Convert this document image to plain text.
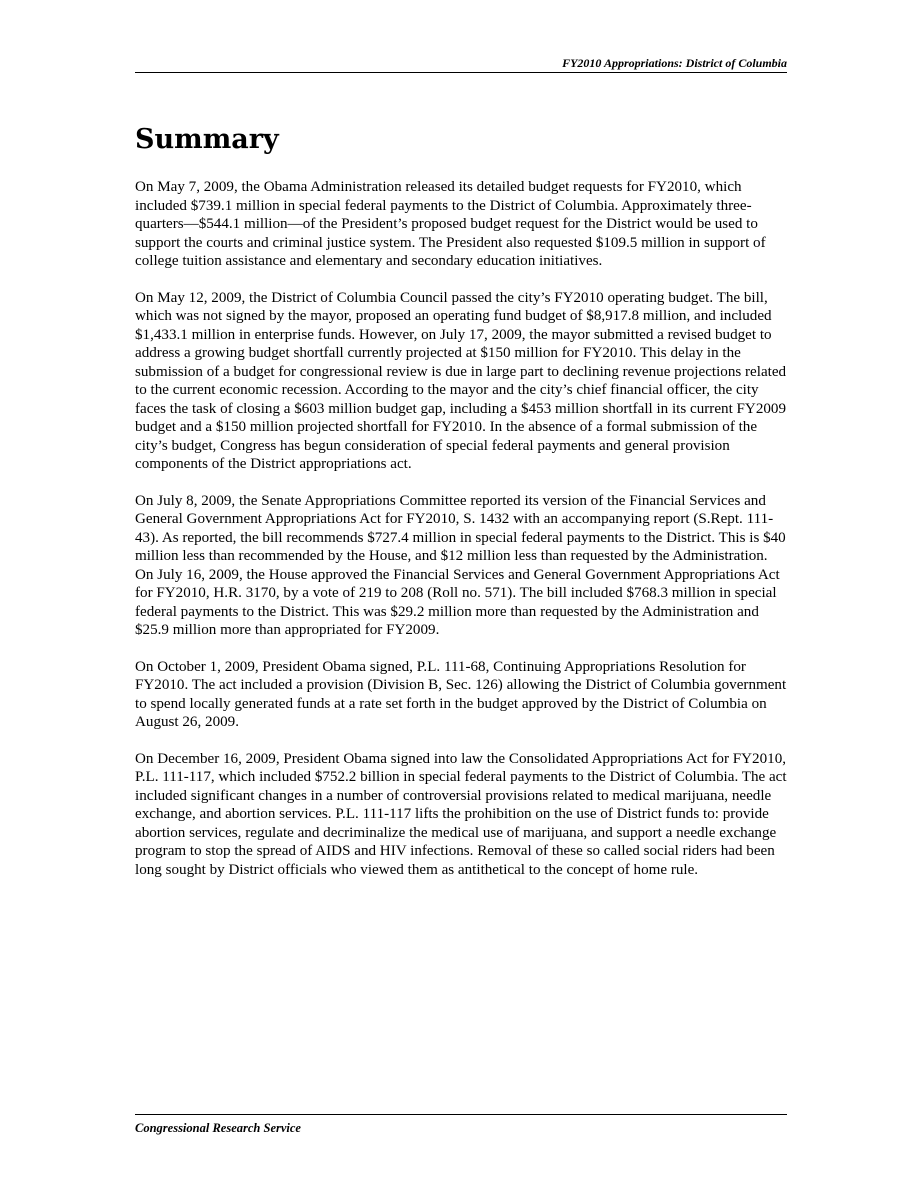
FY2010 Appropriations: District of Columbia
Summary

On May 7, 2009, the Obama Administration released its detailed budget requests for FY2010, which included $739.1 million in special federal payments to the District of Columbia. Approximately three-quarters—$544.1 million—of the President’s proposed budget request for the District would be used to support the courts and criminal justice system. The President also requested $109.5 million in support of college tuition assistance and elementary and secondary education initiatives.

On May 12, 2009, the District of Columbia Council passed the city’s FY2010 operating budget. The bill, which was not signed by the mayor, proposed an operating fund budget of $8,917.8 million, and included $1,433.1 million in enterprise funds. However, on July 17, 2009, the mayor submitted a revised budget to address a growing budget shortfall currently projected at $150 million for FY2010. This delay in the submission of a budget for congressional review is due in large part to declining revenue projections related to the current economic recession. According to the mayor and the city’s chief financial officer, the city faces the task of closing a $603 million budget gap, including a $453 million shortfall in its current FY2009 budget and a $150 million projected shortfall for FY2010. In the absence of a formal submission of the city’s budget, Congress has begun consideration of special federal payments and general provision components of the District appropriations act.

On July 8, 2009, the Senate Appropriations Committee reported its version of the Financial Services and General Government Appropriations Act for FY2010, S. 1432 with an accompanying report (S.Rept. 111-43). As reported, the bill recommends $727.4 million in special federal payments to the District. This is $40 million less than recommended by the House, and $12 million less than requested by the Administration. On July 16, 2009, the House approved the Financial Services and General Government Appropriations Act for FY2010, H.R. 3170, by a vote of 219 to 208 (Roll no. 571). The bill included $768.3 million in special federal payments to the District. This was $29.2 million more than requested by the Administration and $25.9 million more than appropriated for FY2009.

On October 1, 2009, President Obama signed, P.L. 111-68, Continuing Appropriations Resolution for FY2010. The act included a provision (Division B, Sec. 126) allowing the District of Columbia government to spend locally generated funds at a rate set forth in the budget approved by the District of Columbia on August 26, 2009.

On December 16, 2009, President Obama signed into law the Consolidated Appropriations Act for FY2010, P.L. 111-117, which included $752.2 billion in special federal payments to the District of Columbia. The act included significant changes in a number of controversial provisions related to medical marijuana, needle exchange, and abortion services. P.L. 111-117 lifts the prohibition on the use of District funds to: provide abortion services, regulate and decriminalize the medical use of marijuana, and support a needle exchange program to stop the spread of AIDS and HIV infections. Removal of these so called social riders had been long sought by District officials who viewed them as antithetical to the concept of home rule.

Congressional Research Service
